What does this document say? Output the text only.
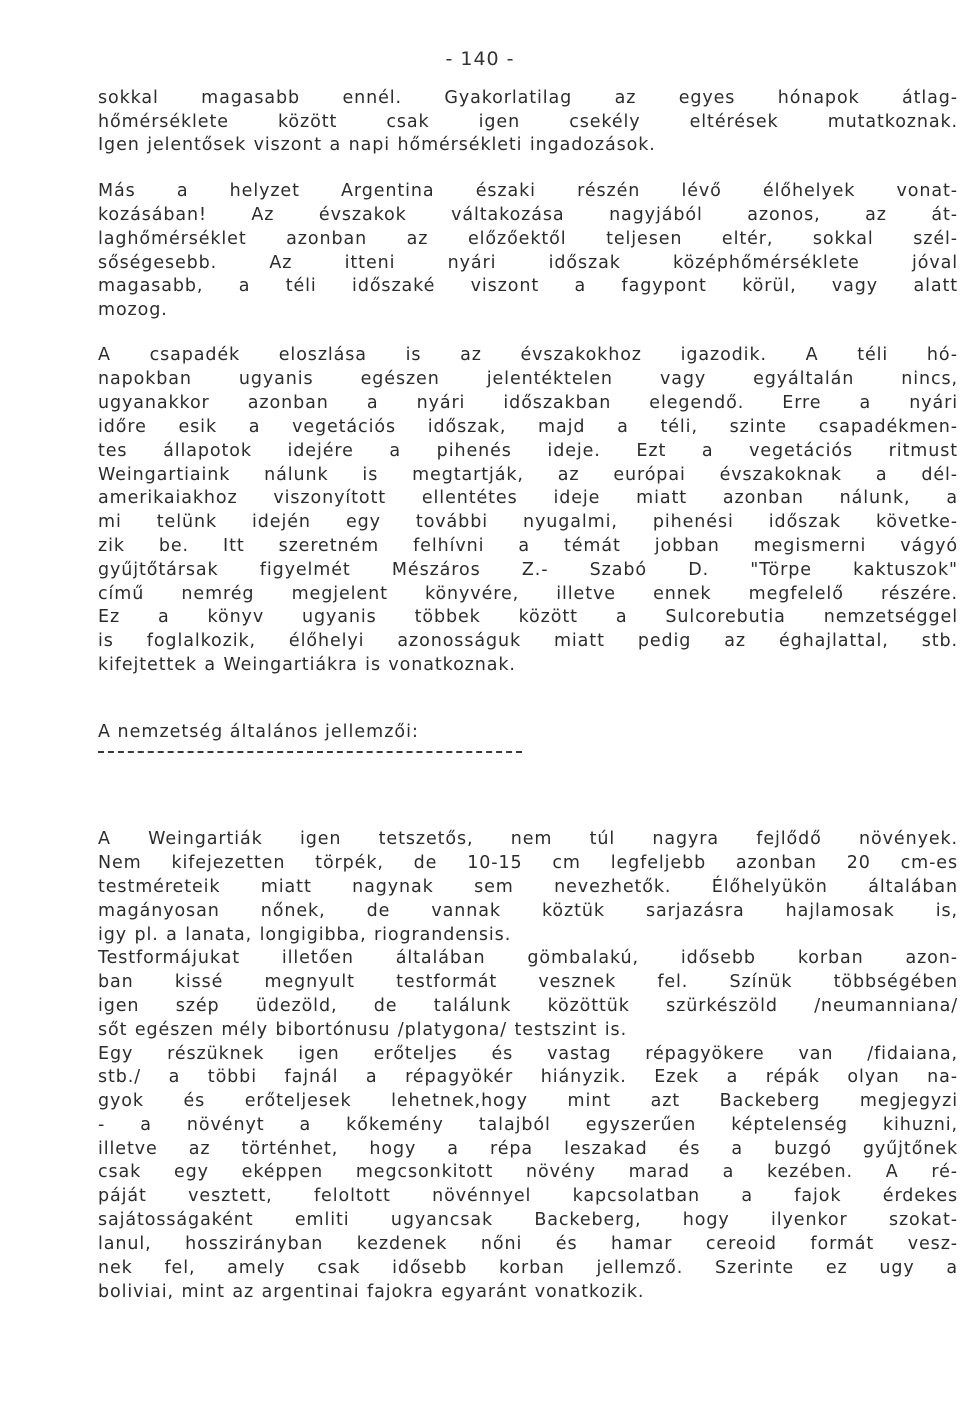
- 140 -
sokkal magasabb ennél. Gyakorlatilag az egyes hónapok átlag-
hőmérséklete között csak igen csekély eltérések mutatkoznak.
Igen jelentősek viszont a napi hőmérsékleti ingadozások.
Más a helyzet Argentina északi részén lévő élőhelyek vonat-
kozásában! Az évszakok váltakozása nagyjából azonos, az át-
laghőmérséklet azonban az előzőektől teljesen eltér, sokkal szél-
sőségesebb. Az itteni nyári időszak középhőmérséklete jóval
magasabb, a téli időszaké viszont a fagypont körül, vagy alatt
mozog.
A csapadék eloszlása is az évszakokhoz igazodik. A téli hó-
napokban ugyanis egészen jelentéktelen vagy egyáltalán nincs,
ugyanakkor azonban a nyári időszakban elegendő. Erre a nyári
időre esik a vegetációs időszak, majd a téli, szinte csapadékmen-
tes állapotok idejére a pihenés ideje. Ezt a vegetációs ritmust
Weingartiaink nálunk is megtartják, az európai évszakoknak a dél-
amerikaiakhoz viszonyított ellentétes ideje miatt azonban nálunk, a
mi telünk idején egy további nyugalmi, pihenési időszak követke-
zik be. Itt szeretném felhívni a témát jobban megismerni vágyó
gyűjtőtársak figyelmét Mészáros Z.- Szabó D. "Törpe kaktuszok"
című nemrég megjelent könyvére, illetve ennek megfelelő részére.
Ez a könyv ugyanis többek között a Sulcorebutia nemzetséggel
is foglalkozik, élőhelyi azonosságuk miatt pedig az éghajlattal, stb.
kifejtettek a Weingartiákra is vonatkoznak.
A nemzetség általános jellemzői:
A Weingartiák igen tetszetős, nem túl nagyra fejlődő növények.
Nem kifejezetten törpék, de 10-15 cm legfeljebb azonban 20 cm-es
testméreteik miatt nagynak sem nevezhetők. Élőhelyükön általában
magányosan nőnek, de vannak köztük sarjazásra hajlamosak is,
igy pl. a lanata, longigibba, riograndensis.
Testformájukat illetően általában gömbalakú, idősebb korban azon-
ban kissé megnyult testformát vesznek fel. Színük többségében
igen szép üdezöld, de találunk közöttük szürkészöld /neumanniana/
sőt egészen mély bibortónusu /platygona/ testszint is.
Egy részüknek igen erőteljes és vastag répagyökere van /fidaiana,
stb./ a többi fajnál a répagyökér hiányzik. Ezek a répák olyan na-
gyok és erőteljesek lehetnek,hogy mint azt Backeberg megjegyzi
- a növényt a kőkemény talajból egyszerűen képtelenség kihuzni,
illetve az történhet, hogy a répa leszakad és a buzgó gyűjtőnek
csak egy eképpen megcsonkitott növény marad a kezében. A ré-
páját vesztett, feloltott növénnyel kapcsolatban a fajok érdekes
sajátosságaként emliti ugyancsak Backeberg, hogy ilyenkor szokat-
lanul, hosszirányban kezdenek nőni és hamar cereoid formát vesz-
nek fel, amely csak idősebb korban jellemző. Szerinte ez ugy a
boliviai, mint az argentinai fajokra egyaránt vonatkozik.
